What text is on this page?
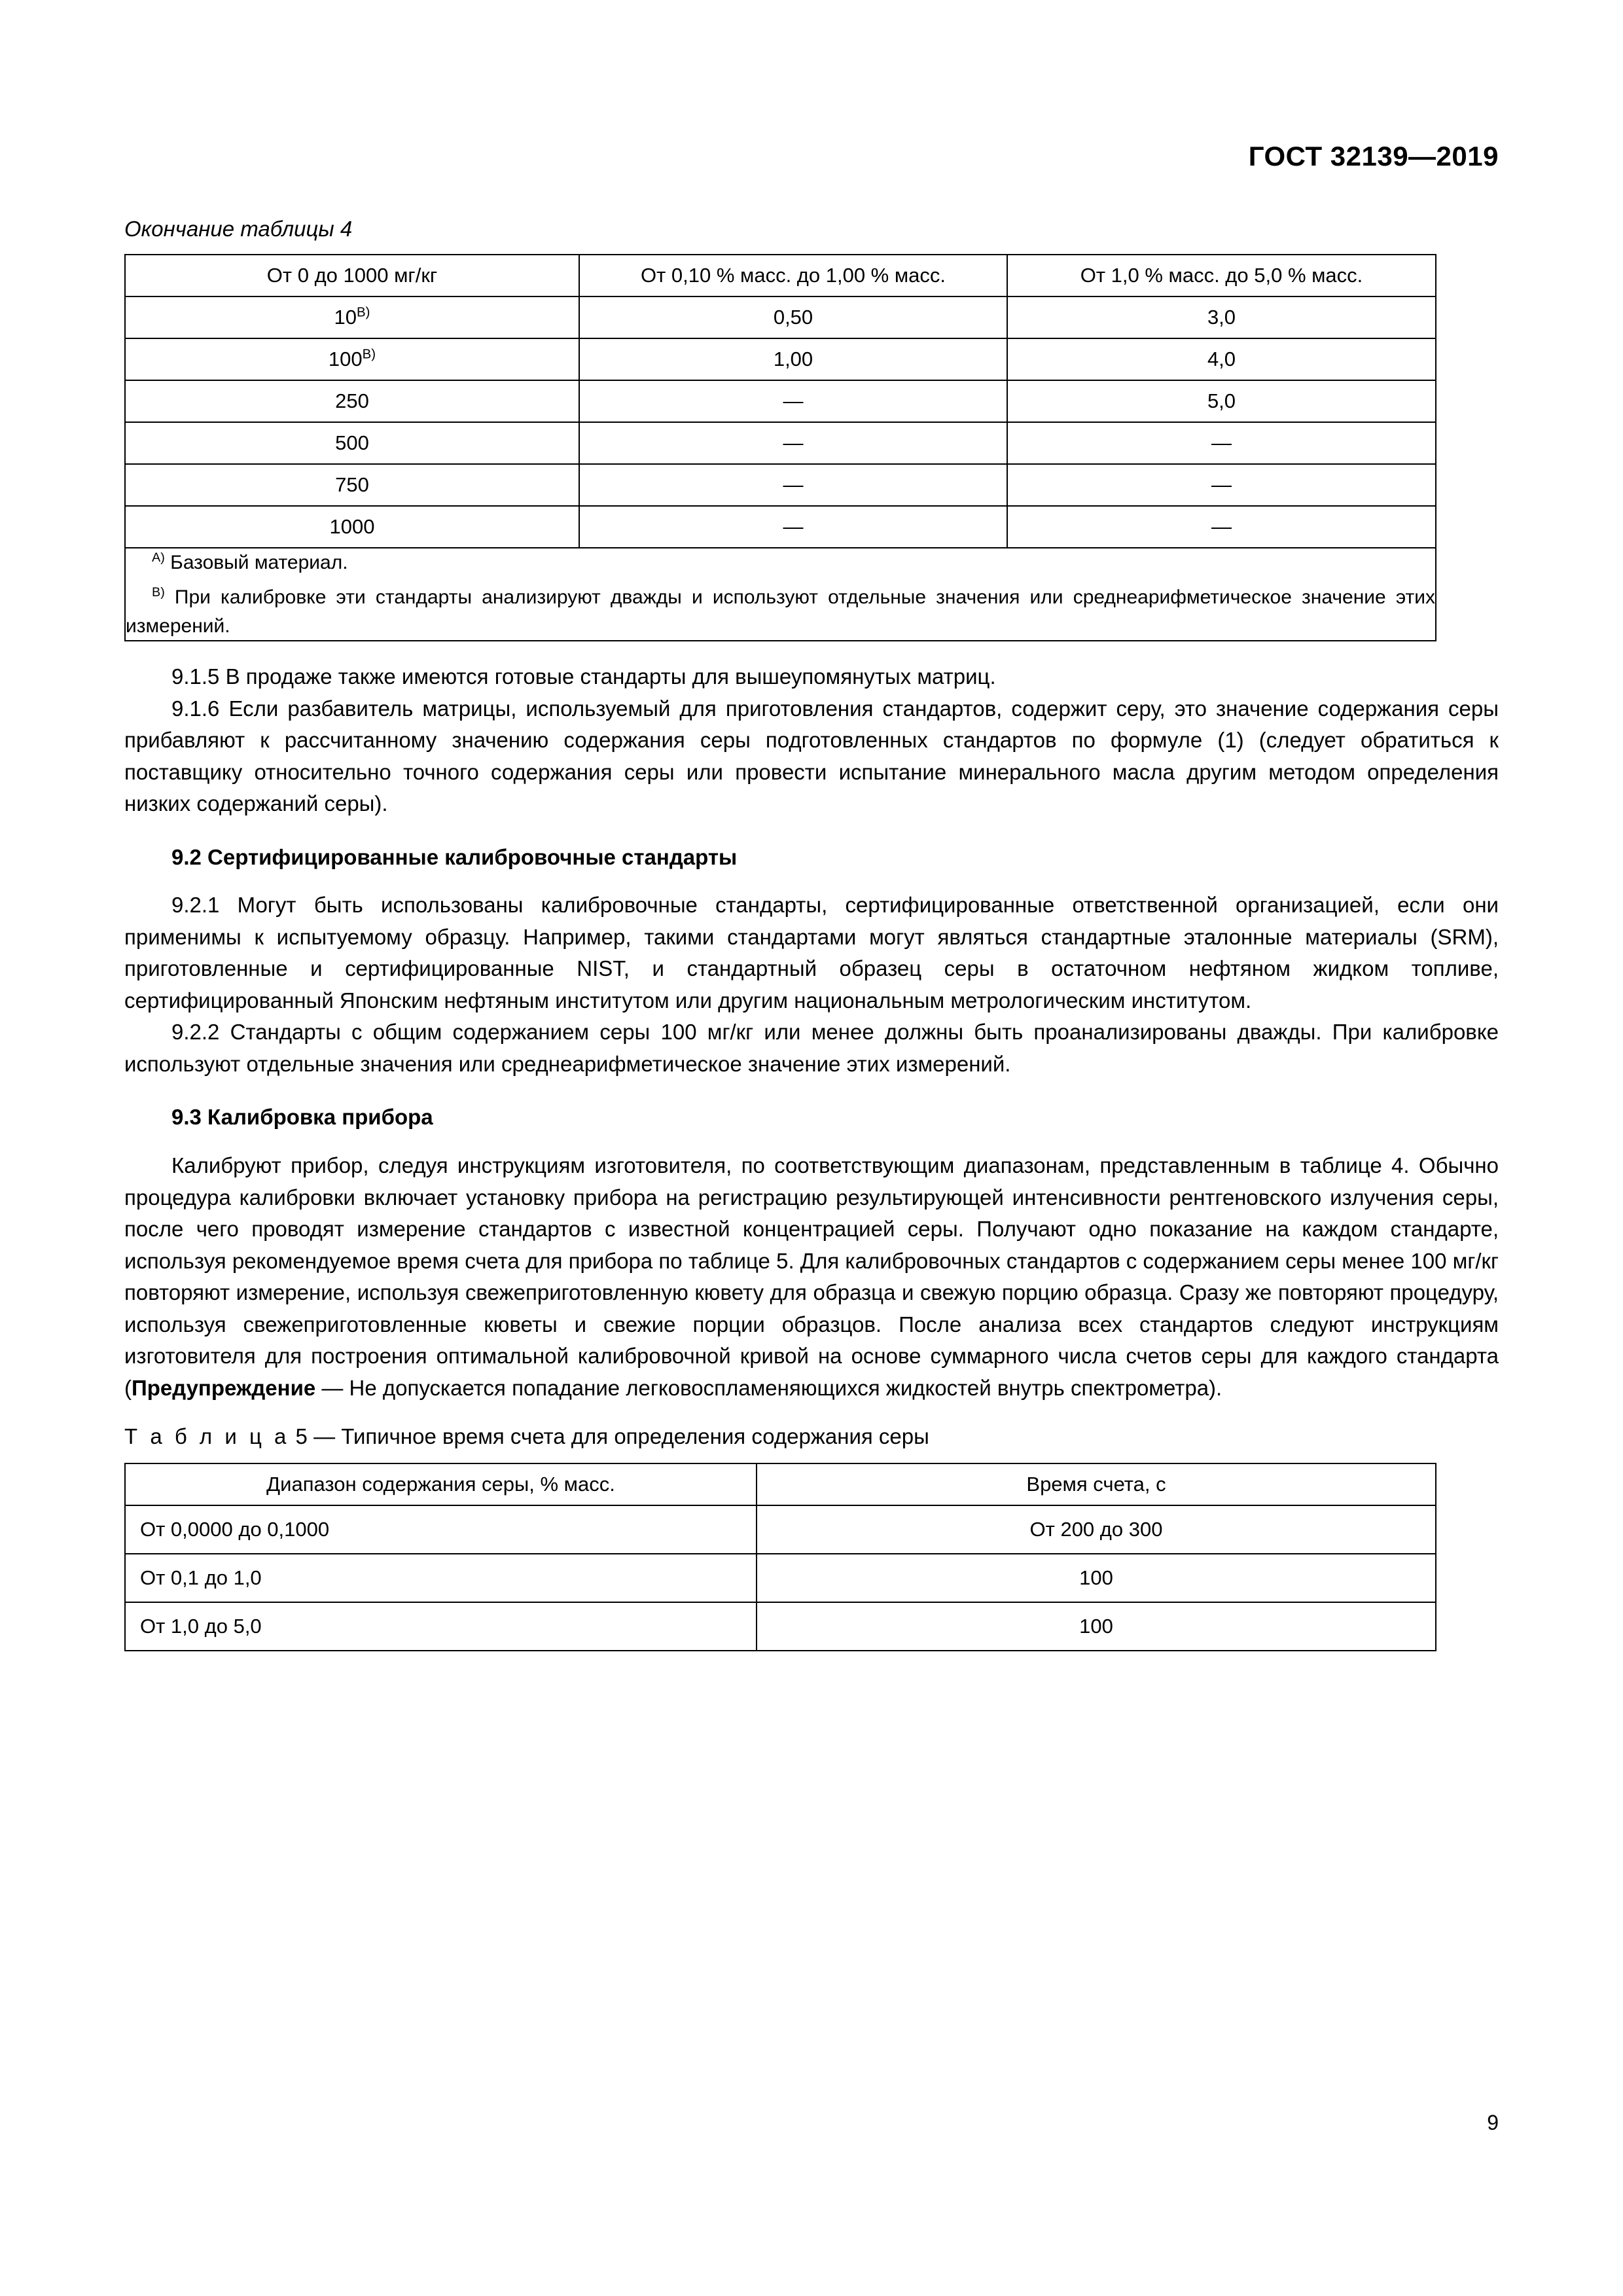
ГОСТ 32139—2019
Окончание таблицы 4
От 0 до 1000 мг/кг	От 0,10 % масс. до 1,00 % масс.	От 1,0 % масс. до 5,0 % масс.
10$^{В)}$	0,50	3,0
100$^{В)}$	1,00	4,0
250	—	5,0
500	—	—
750	—	—
1000	—	—

$^{А)}$ Базовый материал.

$^{В)}$ При калибровке эти стандарты анализируют дважды и используют отдельные значения или среднеарифметическое значение этих измерений.		

9.1.5 В продаже также имеются готовые стандарты для вышеупомянутых матриц.

9.1.6 Если разбавитель матрицы, используемый для приготовления стандартов, содержит серу, это значение содержания серы прибавляют к рассчитанному значению содержания серы подготовленных стандартов по формуле (1) (следует обратиться к поставщику относительно точного содержания серы или провести испытание минерального масла другим методом определения низких содержаний серы).

9.2 Сертифицированные калибровочные стандарты

9.2.1 Могут быть использованы калибровочные стандарты, сертифицированные ответственной организацией, если они применимы к испытуемому образцу. Например, такими стандартами могут являться стандартные эталонные материалы (SRM), приготовленные и сертифицированные NIST, и стандартный образец серы в остаточном нефтяном жидком топливе, сертифицированный Японским нефтяным институтом или другим национальным метрологическим институтом.

9.2.2 Стандарты с общим содержанием серы 100 мг/кг или менее должны быть проанализированы дважды. При калибровке используют отдельные значения или среднеарифметическое значение этих измерений.

9.3 Калибровка прибора

Калибруют прибор, следуя инструкциям изготовителя, по соответствующим диапазонам, представленным в таблице 4. Обычно процедура калибровки включает установку прибора на регистрацию результирующей интенсивности рентгеновского излучения серы, после чего проводят измерение стандартов с известной концентрацией серы. Получают одно показание на каждом стандарте, используя рекомендуемое время счета для прибора по таблице 5. Для калибровочных стандартов с содержанием серы менее 100 мг/кг повторяют измерение, используя свежеприготовленную кювету для образца и свежую порцию образца. Сразу же повторяют процедуру, используя свежеприготовленные кюветы и свежие порции образцов. После анализа всех стандартов следуют инструкциям изготовителя для построения оптимальной калибровочной кривой на основе суммарного числа счетов серы для каждого стандарта (Предупреждение — Не допускается попадание легковоспламеняющихся жидкостей внутрь спектрометра).

Т а б л и ц а 5 — Типичное время счета для определения содержания серы
Диапазон содержания серы, % масс.	Время счета, с
От 0,0000 до 0,1000	От 200 до 300
От 0,1 до 1,0	100
От 1,0 до 5,0	100
9
